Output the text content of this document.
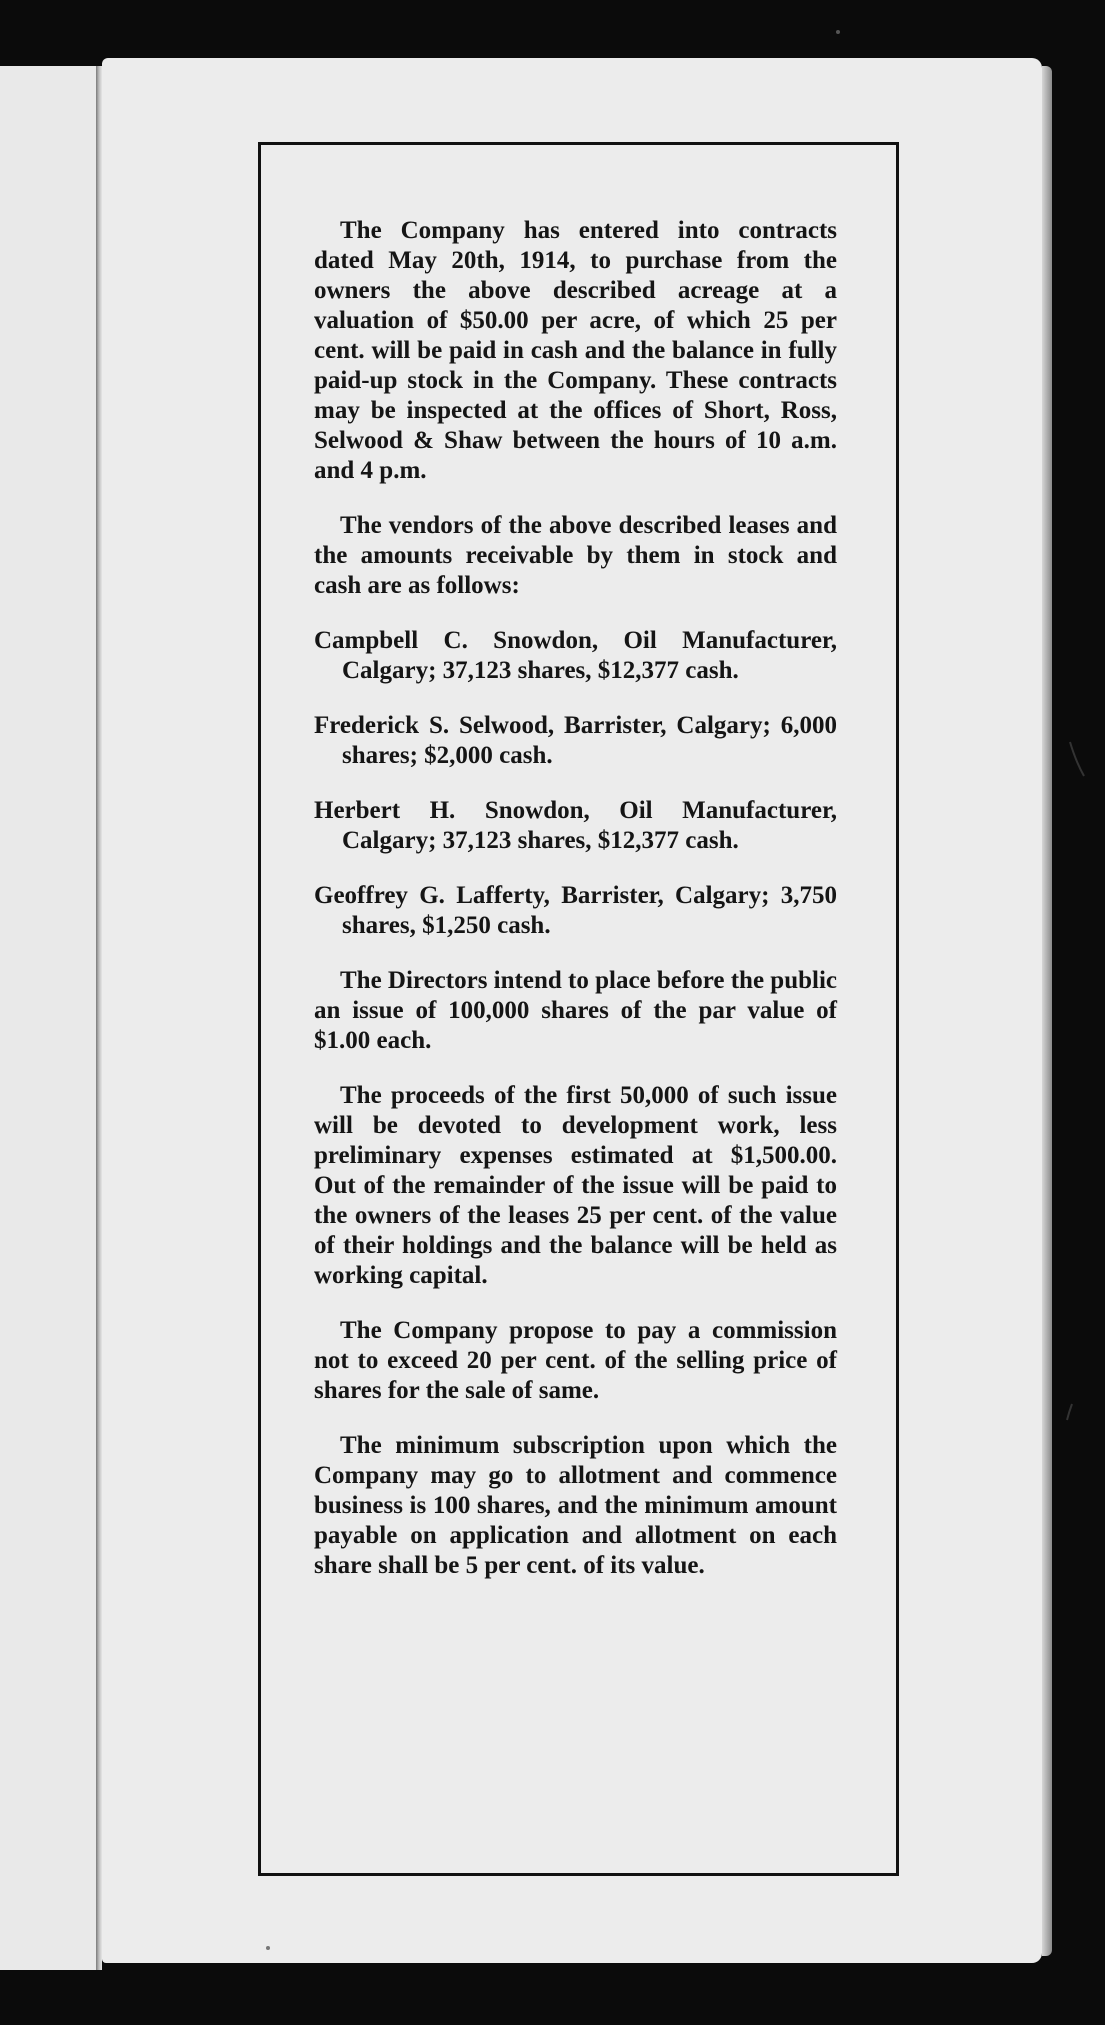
The Company has entered into contracts dated May 20th, 1914, to purchase from the owners the above described acreage at a valuation of $50.00 per acre, of which 25 per cent. will be paid in cash and the balance in fully paid-up stock in the Company. These contracts may be inspected at the offices of Short, Ross, Selwood & Shaw between the hours of 10 a.m. and 4 p.m.

The vendors of the above described leases and the amounts receivable by them in stock and cash are as follows:

Campbell C. Snowdon, Oil Manufacturer, Calgary; 37,123 shares, $12,377 cash.

Frederick S. Selwood, Barrister, Calgary; 6,000 shares; $2,000 cash.

Herbert H. Snowdon, Oil Manufacturer, Calgary; 37,123 shares, $12,377 cash.

Geoffrey G. Lafferty, Barrister, Calgary; 3,750 shares, $1,250 cash.

The Directors intend to place before the public an issue of 100,000 shares of the par value of $1.00 each.

The proceeds of the first 50,000 of such issue will be devoted to development work, less preliminary expenses estimated at $1,500.00. Out of the remainder of the issue will be paid to the owners of the leases 25 per cent. of the value of their holdings and the balance will be held as working capital.

The Company propose to pay a commission not to exceed 20 per cent. of the selling price of shares for the sale of same.

The minimum subscription upon which the Company may go to allotment and commence business is 100 shares, and the minimum amount payable on application and allotment on each share shall be 5 per cent. of its value.
